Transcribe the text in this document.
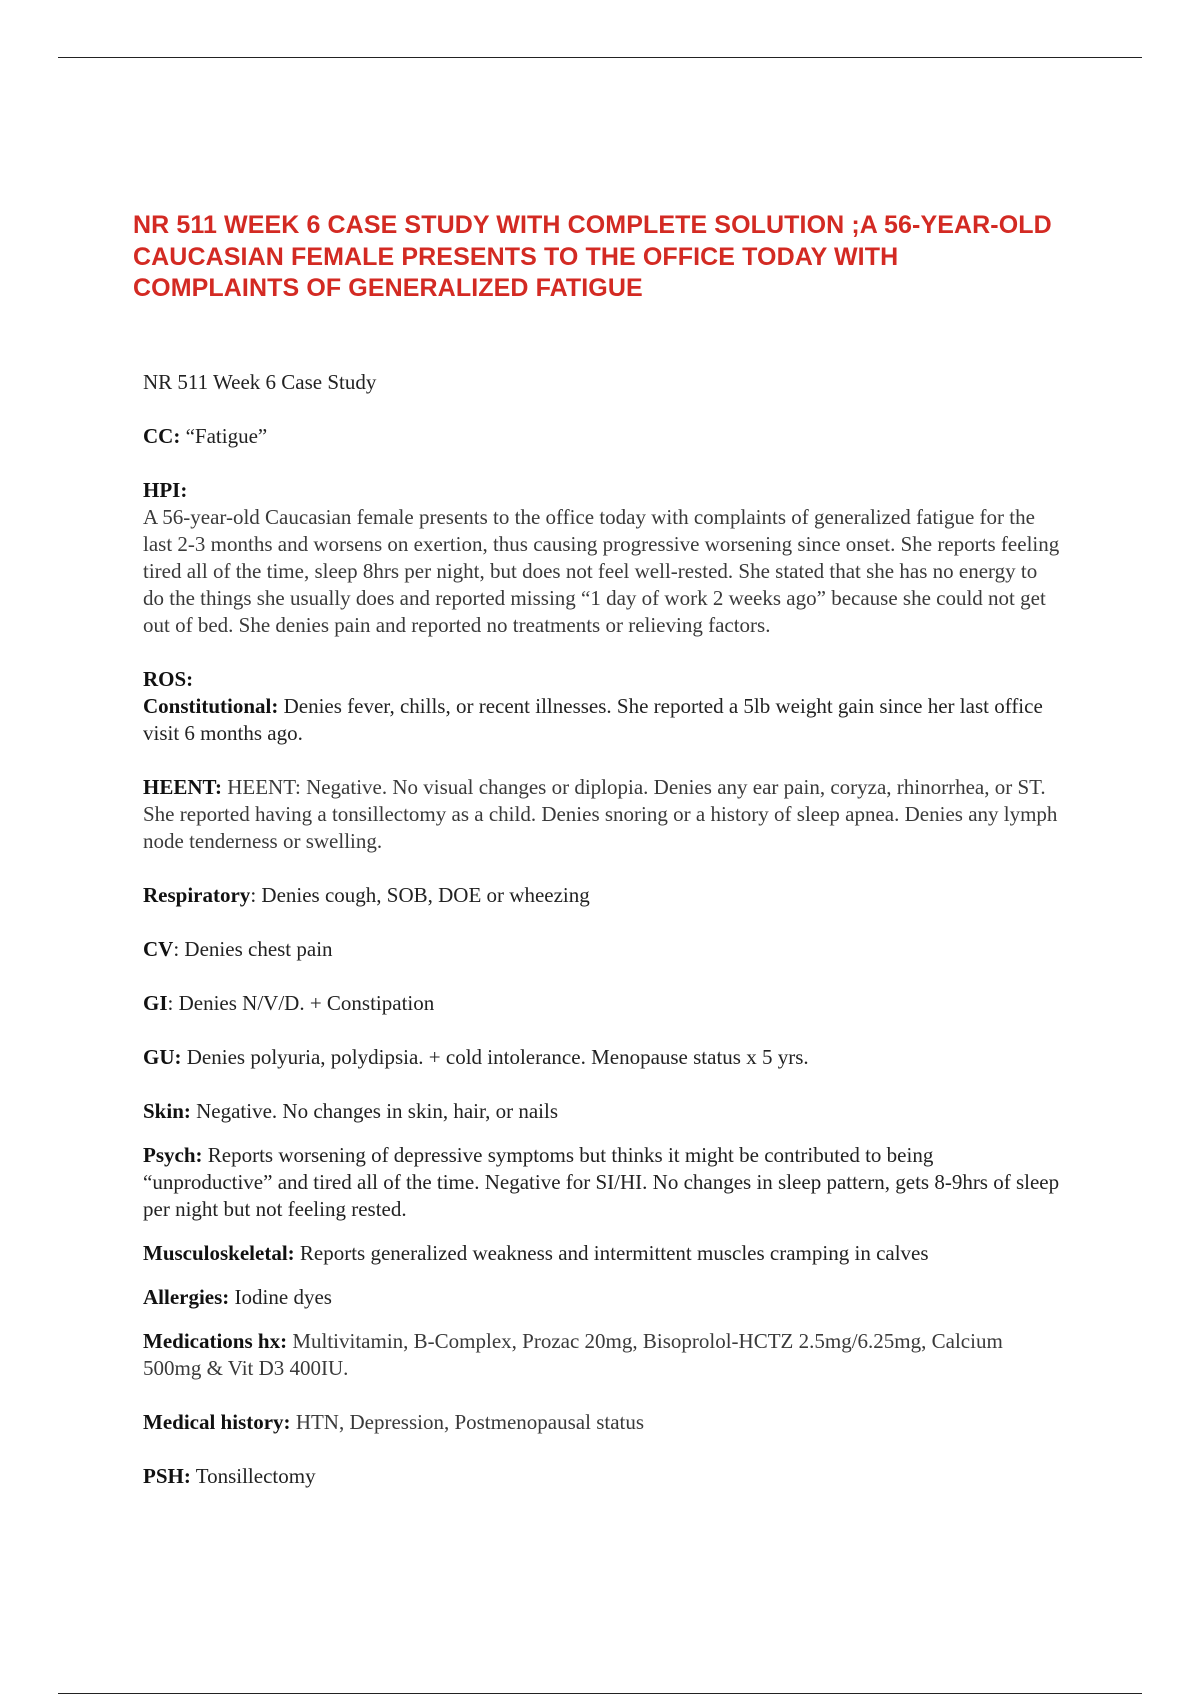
NR 511 WEEK 6 CASE STUDY WITH COMPLETE SOLUTION ;A 56-YEAR-OLD CAUCASIAN FEMALE PRESENTS TO THE OFFICE TODAY WITH COMPLAINTS OF GENERALIZED FATIGUE

NR 511 Week 6 Case Study

CC: “Fatigue”

HPI:

A 56-year-old Caucasian female presents to the office today with complaints of generalized fatigue for the last 2-3 months and worsens on exertion, thus causing progressive worsening since onset. She reports feeling tired all of the time, sleep 8hrs per night, but does not feel well-rested. She stated that she has no energy to do the things she usually does and reported missing “1 day of work 2 weeks ago” because she could not get out of bed. She denies pain and reported no treatments or relieving factors.

ROS:

Constitutional: Denies fever, chills, or recent illnesses. She reported a 5lb weight gain since her last office visit 6 months ago.

HEENT: HEENT: Negative. No visual changes or diplopia. Denies any ear pain, coryza, rhinorrhea, or ST. She reported having a tonsillectomy as a child. Denies snoring or a history of sleep apnea. Denies any lymph node tenderness or swelling.

Respiratory: Denies cough, SOB, DOE or wheezing

CV: Denies chest pain

GI: Denies N/V/D. + Constipation

GU: Denies polyuria, polydipsia. + cold intolerance. Menopause status x 5 yrs.

Skin: Negative. No changes in skin, hair, or nails

Psych: Reports worsening of depressive symptoms but thinks it might be contributed to being “unproductive” and tired all of the time. Negative for SI/HI. No changes in sleep pattern, gets 8-9hrs of sleep per night but not feeling rested.

Musculoskeletal: Reports generalized weakness and intermittent muscles cramping in calves

Allergies: Iodine dyes

Medications hx: Multivitamin, B-Complex, Prozac 20mg, Bisoprolol-HCTZ 2.5mg/6.25mg, Calcium 500mg & Vit D3 400IU.

Medical history: HTN, Depression, Postmenopausal status

PSH: Tonsillectomy
